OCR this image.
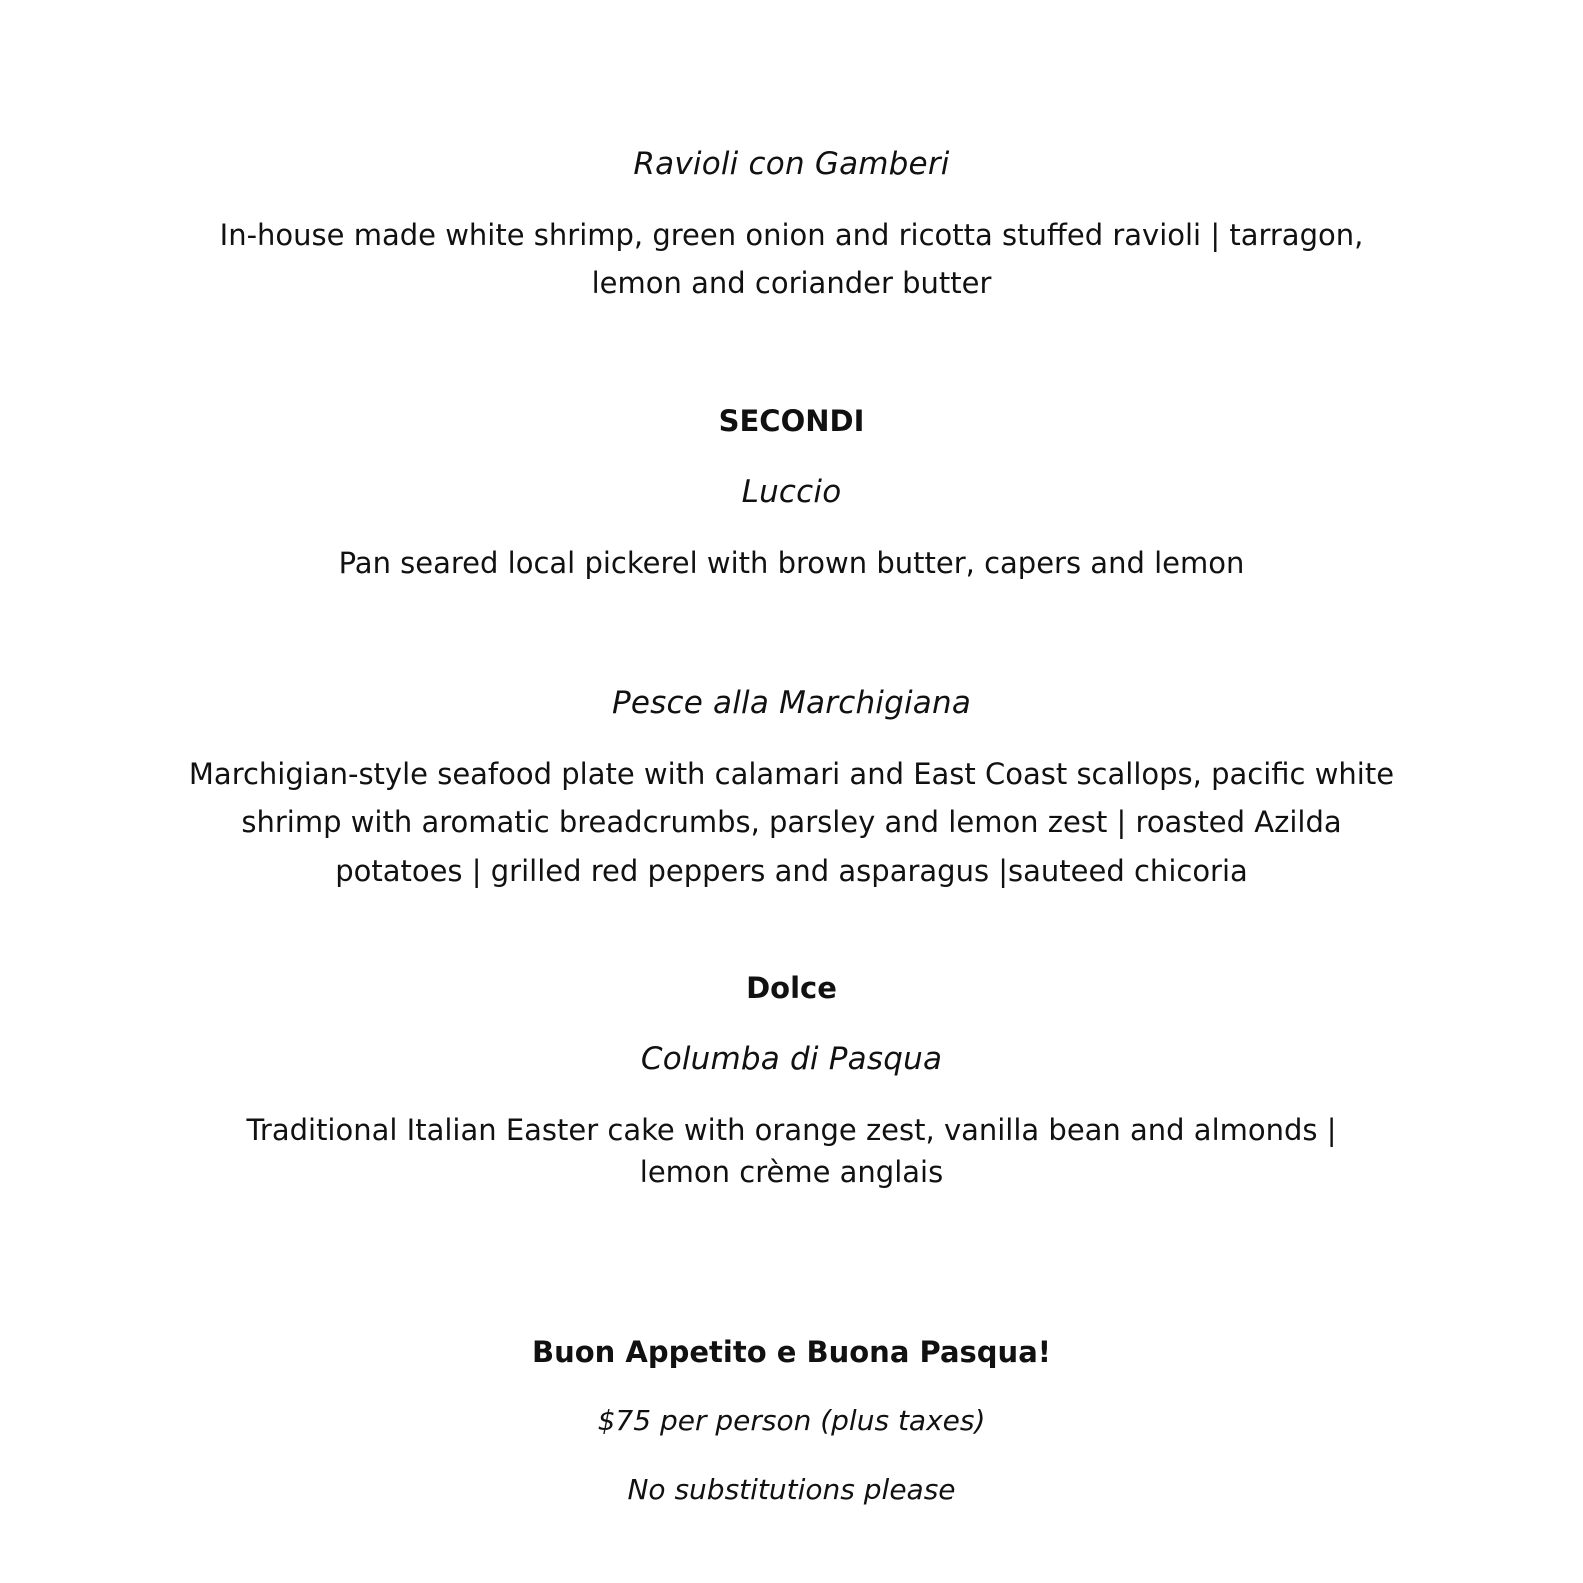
Ravioli con Gamberi

In-house made white shrimp, green onion and ricotta stuffed ravioli | tarragon,

lemon and coriander butter

SECONDI

Luccio

Pan seared local pickerel with brown butter, capers and lemon

Pesce alla Marchigiana

Marchigian-style seafood plate with calamari and East Coast scallops, pacific white

shrimp with aromatic breadcrumbs, parsley and lemon zest | roasted Azilda

potatoes | grilled red peppers and asparagus |sauteed chicoria

Dolce

Columba di Pasqua

Traditional Italian Easter cake with orange zest, vanilla bean and almonds |

lemon crème anglais

Buon Appetito e Buona Pasqua!

$75 per person (plus taxes)

No substitutions please
